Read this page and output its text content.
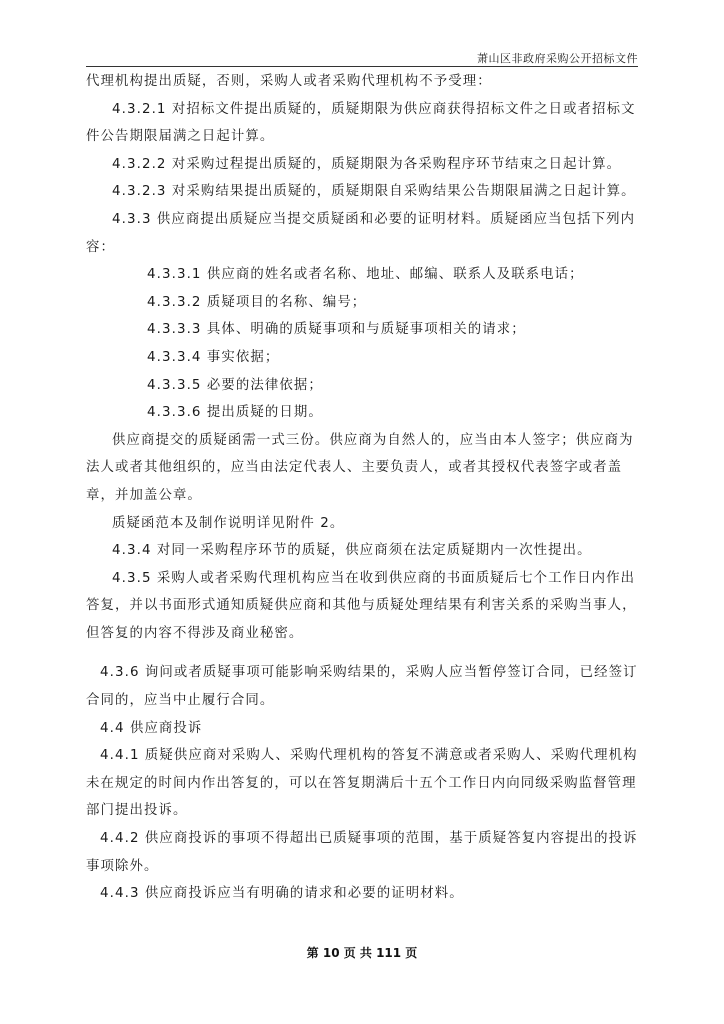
萧山区非政府采购公开招标文件

代理机构提出质疑，否则，采购人或者采购代理机构不予受理：

4.3.2.1 对招标文件提出质疑的，质疑期限为供应商获得招标文件之日或者招标文件公告期限届满之日起计算。

4.3.2.2 对采购过程提出质疑的，质疑期限为各采购程序环节结束之日起计算。

4.3.2.3 对采购结果提出质疑的，质疑期限自采购结果公告期限届满之日起计算。

4.3.3 供应商提出质疑应当提交质疑函和必要的证明材料。质疑函应当包括下列内容：

4.3.3.1 供应商的姓名或者名称、地址、邮编、联系人及联系电话；

4.3.3.2 质疑项目的名称、编号；

4.3.3.3 具体、明确的质疑事项和与质疑事项相关的请求；

4.3.3.4 事实依据；

4.3.3.5 必要的法律依据；

4.3.3.6 提出质疑的日期。

供应商提交的质疑函需一式三份。供应商为自然人的，应当由本人签字；供应商为法人或者其他组织的，应当由法定代表人、主要负责人，或者其授权代表签字或者盖章，并加盖公章。

质疑函范本及制作说明详见附件 2。

4.3.4 对同一采购程序环节的质疑，供应商须在法定质疑期内一次性提出。

4.3.5 采购人或者采购代理机构应当在收到供应商的书面质疑后七个工作日内作出答复，并以书面形式通知质疑供应商和其他与质疑处理结果有利害关系的采购当事人，但答复的内容不得涉及商业秘密。

4.3.6 询问或者质疑事项可能影响采购结果的，采购人应当暂停签订合同，已经签订合同的，应当中止履行合同。

4.4 供应商投诉

4.4.1 质疑供应商对采购人、采购代理机构的答复不满意或者采购人、采购代理机构未在规定的时间内作出答复的，可以在答复期满后十五个工作日内向同级采购监督管理部门提出投诉。

4.4.2 供应商投诉的事项不得超出已质疑事项的范围，基于质疑答复内容提出的投诉事项除外。

4.4.3 供应商投诉应当有明确的请求和必要的证明材料。

第 10 页 共 111 页
